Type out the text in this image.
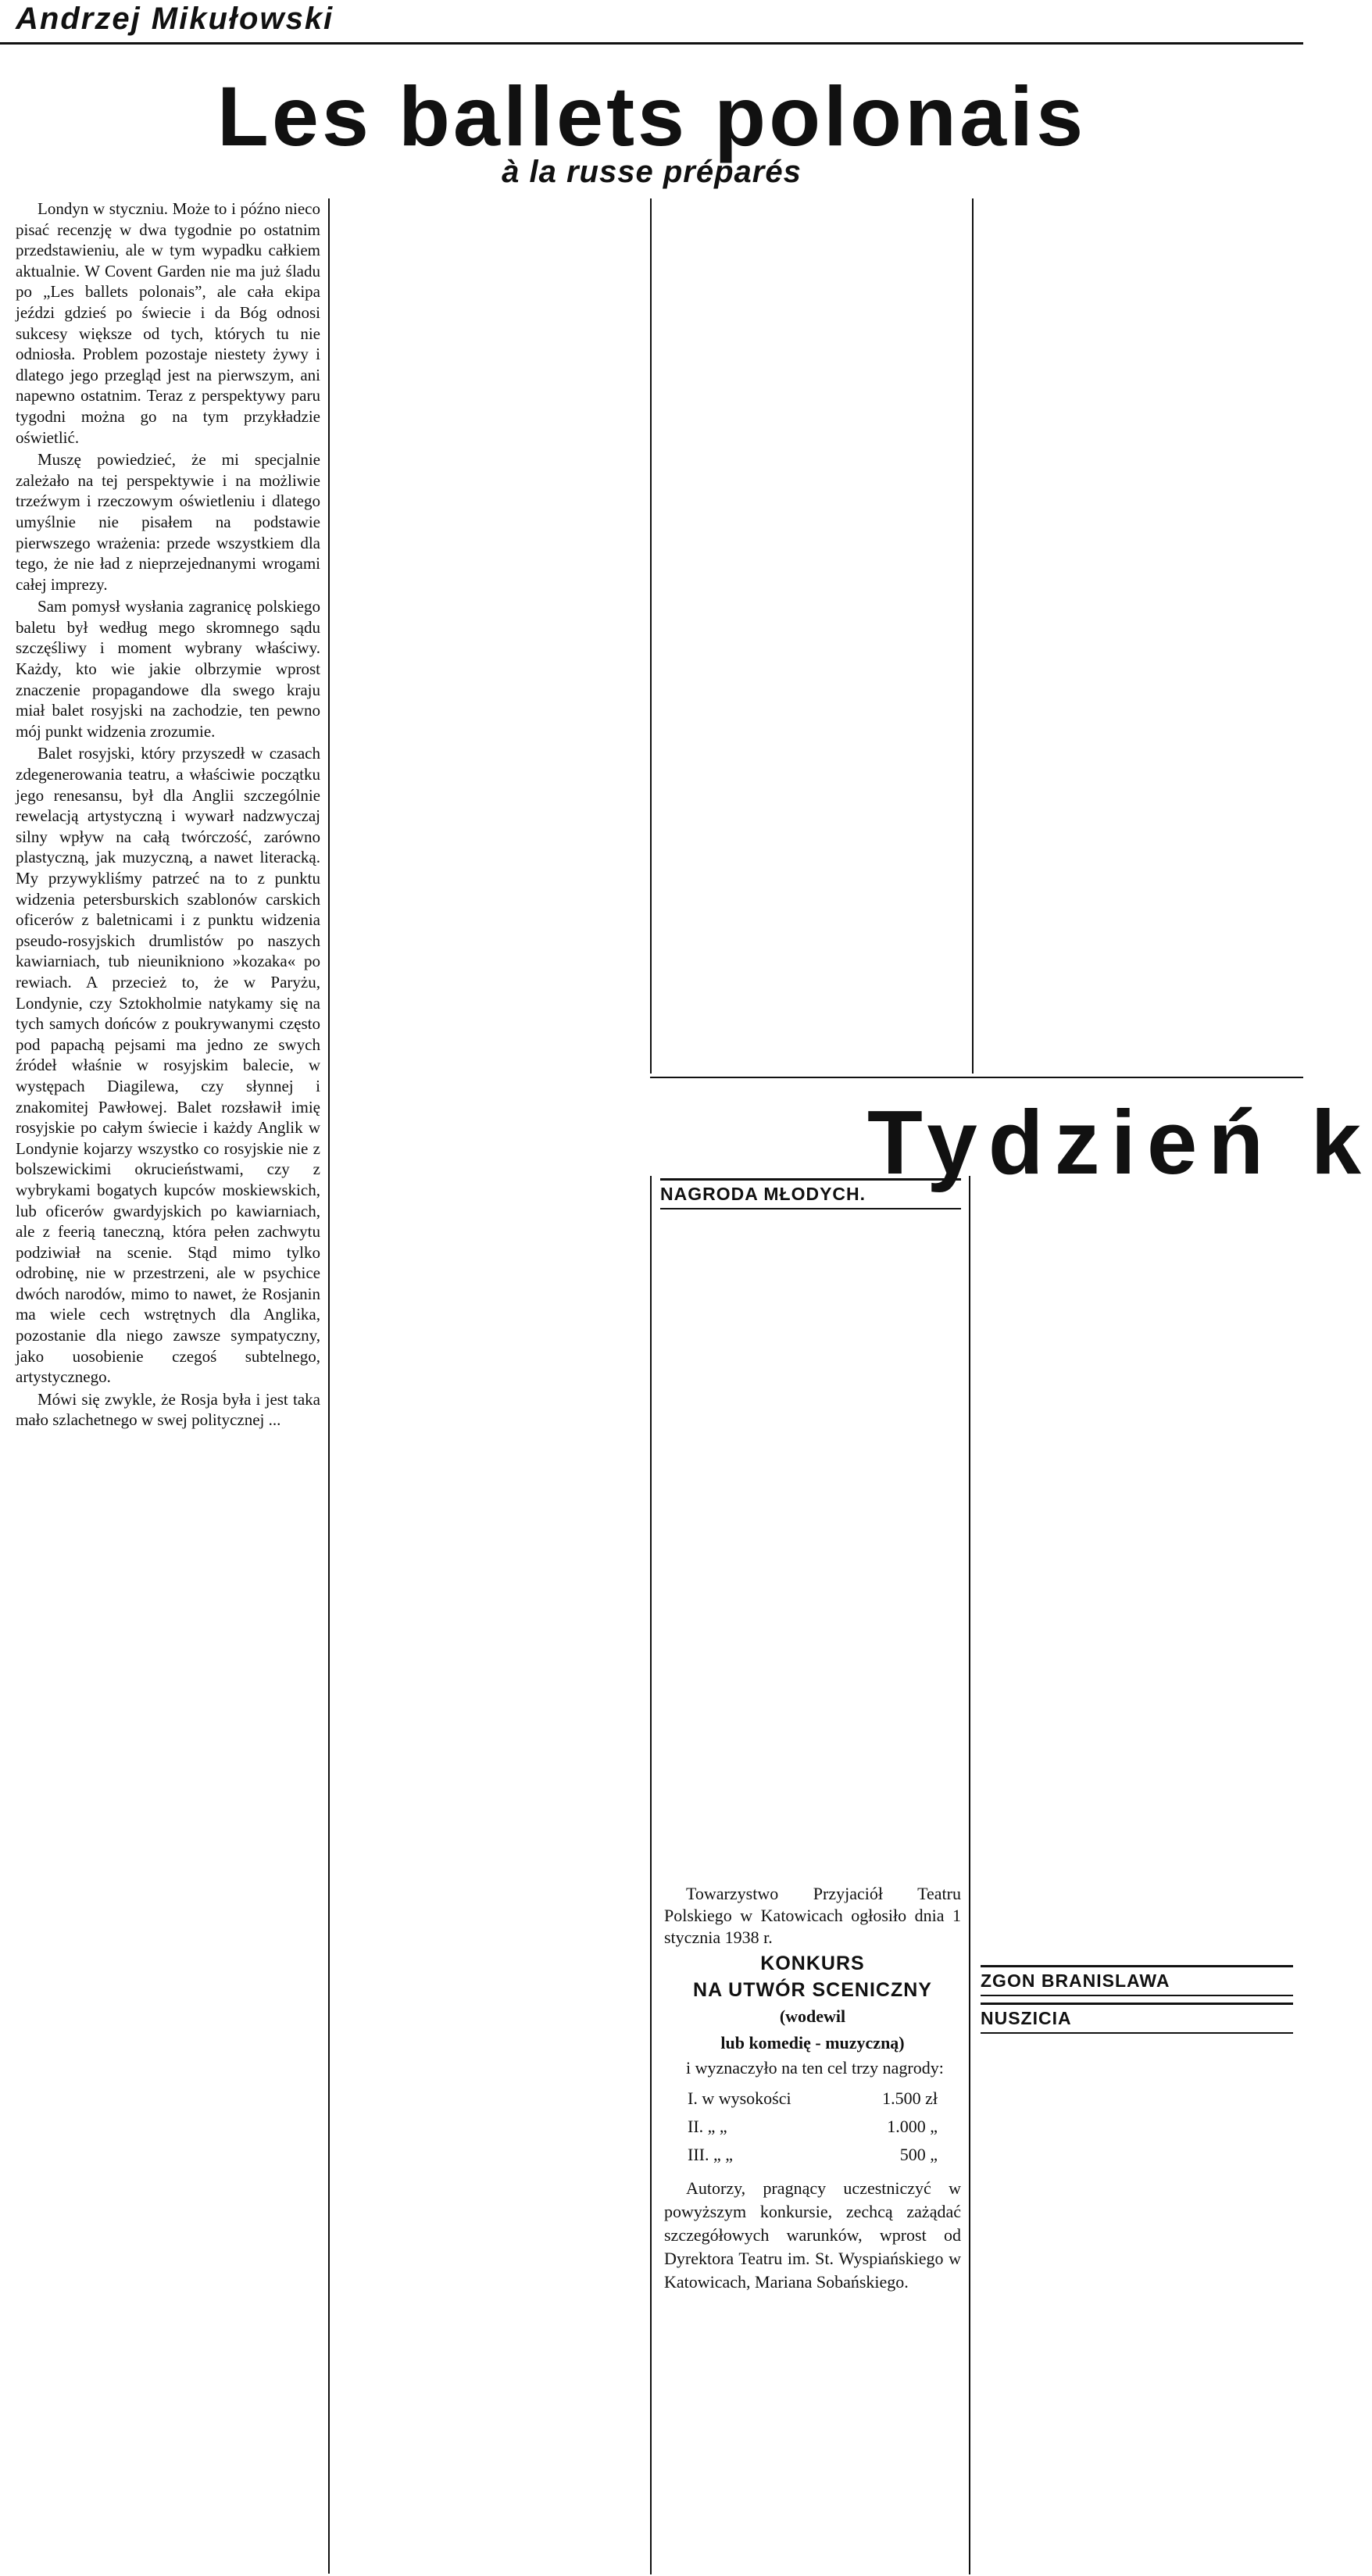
Andrzej Mikułowski
Les ballets polonais
à la russe préparés

Londyn w styczniu. Może to i późno nieco pisać recenzję w dwa tygodnie po ostatnim przedstawieniu, ale w tym wypadku całkiem aktualnie. W Covent Garden nie ma już śladu po „Les ballets polonais”, ale cała ekipa jeździ gdzieś po świecie i da Bóg odnosi sukcesy większe od tych, których tu nie odniosła. Problem pozostaje niestety żywy i dlatego jego przegląd jest na pierwszym, ani napewno ostatnim. Teraz z perspektywy paru tygodni można go na tym przykładzie oświetlić.

Muszę powiedzieć, że mi specjalnie zależało na tej perspektywie i na możliwie trzeźwym i rzeczowym oświetleniu i dlatego umyślnie nie pisałem na podstawie pierwszego wrażenia: przede wszystkiem dla tego, że nie ład z nieprzejednanymi wrogami całej imprezy.

Sam pomysł wysłania zagranicę polskiego baletu był według mego skromnego sądu szczęśliwy i moment wybrany właściwy. Każdy, kto wie jakie olbrzymie wprost znaczenie propagandowe dla swego kraju miał balet rosyjski na zachodzie, ten pewno mój punkt widzenia zrozumie.

Balet rosyjski, który przyszedł w czasach zdegenerowania teatru, a właściwie początku jego renesansu, był dla Anglii szczególnie rewelacją artystyczną i wywarł nadzwyczaj silny wpływ na całą twórczość, zarówno plastyczną, jak muzyczną, a nawet literacką. My przywykliśmy patrzeć na to z punktu widzenia petersburskich szablonów carskich oficerów z baletnicami i z punktu widzenia pseudo-rosyjskich drumlistów po naszych kawiarniach, tub nieunikniono »kozaka« po rewiach. A przecież to, że w Paryżu, Londynie, czy Sztokholmie natykamy się na tych samych dońców z poukrywanymi często pod papachą pejsami ma jedno ze swych źródeł właśnie w rosyjskim balecie, w występach Diagilewa, czy słynnej i znakomitej Pawłowej. Balet rozsławił imię rosyjskie po całym świecie i każdy Anglik w Londynie kojarzy wszystko co rosyjskie nie z bolszewickimi okrucieństwami, czy z wybrykami bogatych kupców moskiewskich, lub oficerów gwardyjskich po kawiarniach, ale z feerią taneczną, która pełen zachwytu podziwiał na scenie. Stąd mimo tylko odrobinę, nie w przestrzeni, ale w psychice dwóch narodów, mimo to nawet, że Rosjanin ma wiele cech wstrętnych dla Anglika, pozostanie dla niego zawsze sympatyczny, jako uosobienie czegoś subtelnego, artystycznego.

Mówi się zwykle, że Rosja była i jest taka mało szlachetnego w swej politycznej ...

Tydzień k
NAGRODA MŁODYCH.
ZGON BRANISLAWA
NUSZICIA

Towarzystwo Przyjaciół Teatru Polskiego w Katowicach ogłosiło dnia 1 stycznia 1938 r.

KONKURS
NA UTWÓR SCENICZNY
(wodewil
lub komedię - muzyczną)

i wyznaczyło na ten cel trzy nagrody:

I. w wysokości	1.500 zł
II. „ „	1.000 „
III. „ „	500 „

Autorzy, pragnący uczestniczyć w powyższym konkursie, zechcą zażądać szczegółowych warunków, wprost od Dyrektora Teatru im. St. Wyspiańskiego w Katowicach, Mariana Sobańskiego.
